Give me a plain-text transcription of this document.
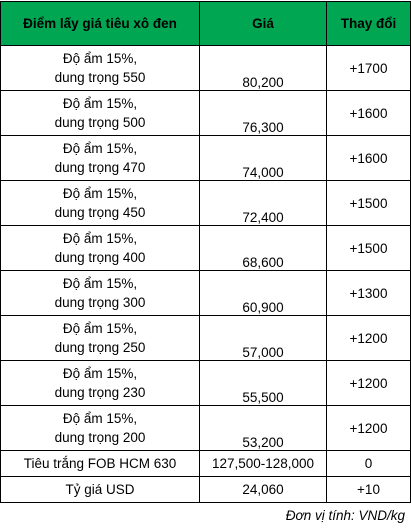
Điểm lấy giá tiêu xô đen	Giá	Thay đổi

Độ ẩm 15%,
dung trọng 550	80,200	+1700

Độ ẩm 15%,
dung trọng 500	76,300	+1600

Độ ẩm 15%,
dung trọng 470	74,000	+1600

Độ ẩm 15%,
dung trọng 450	72,400	+1500

Độ ẩm 15%,
dung trọng 400	68,600	+1500

Độ ẩm 15%,
dung trọng 300	60,900	+1300

Độ ẩm 15%,
dung trọng 250	57,000	+1200

Độ ẩm 15%,
dung trọng 230	55,500	+1200

Độ ẩm 15%,
dung trọng 200	53,200	+1200
Tiêu trắng FOB HCM 630	127,500-128,000	0
Tỷ giá USD	24,060	+10
Đơn vị tính: VND/kg
